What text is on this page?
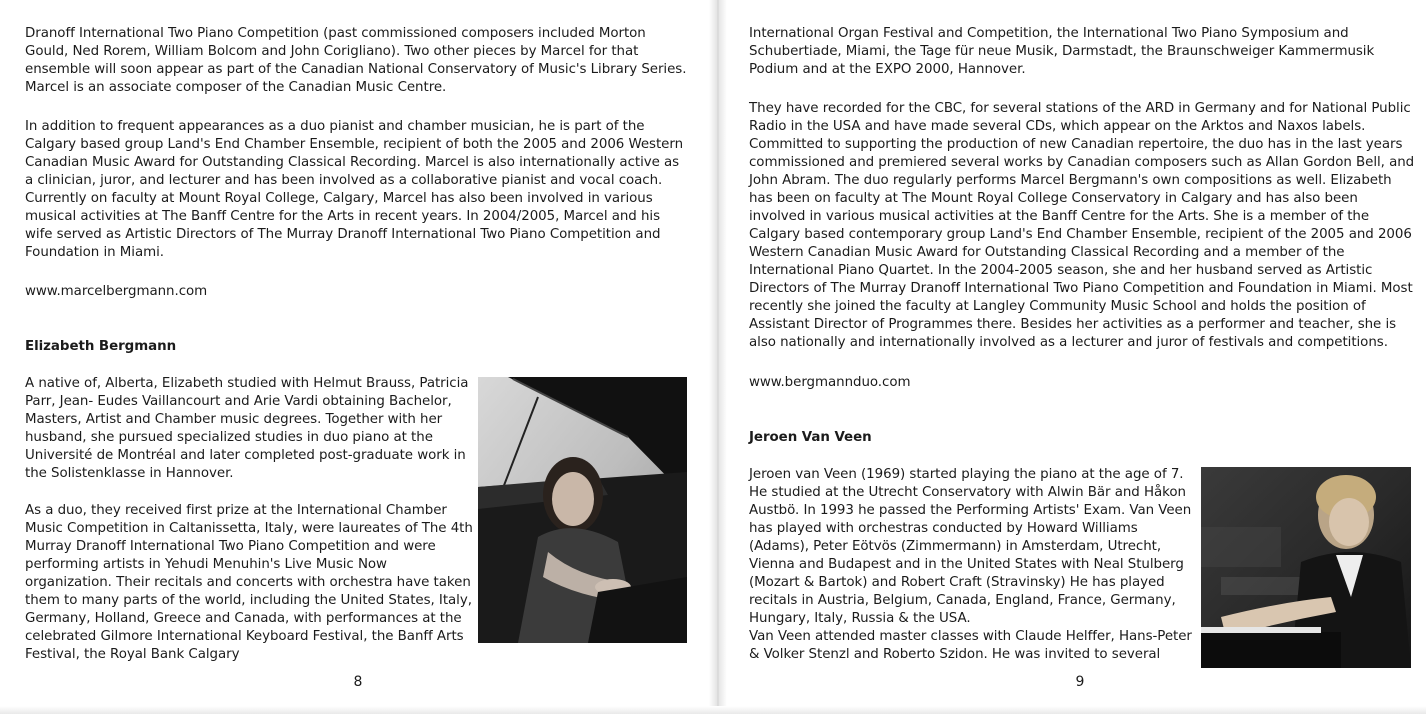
Dranoff International Two Piano Competition (past commissioned composers included Morton Gould, Ned Rorem, William Bolcom and John Corigliano). Two other pieces by Marcel for that ensemble will soon appear as part of the Canadian National Conservatory of Music's Library Series. Marcel is an associate composer of the Canadian Music Centre.

In addition to frequent appearances as a duo pianist and chamber musician, he is part of the Calgary based group Land's End Chamber Ensemble, recipient of both the 2005 and 2006 Western Canadian Music Award for Outstanding Classical Recording. Marcel is also internationally active as a clinician, juror, and lecturer and has been involved as a collaborative pianist and vocal coach. Currently on faculty at Mount Royal College, Calgary, Marcel has also been involved in various musical activities at The Banff Centre for the Arts in recent years. In 2004/2005, Marcel and his wife served as Artistic Directors of The Murray Dranoff International Two Piano Competition and Foundation in Miami.

www.marcelbergmann.com

Elizabeth Bergmann

A native of, Alberta, Elizabeth studied with Helmut Brauss, Patricia Parr, Jean- Eudes Vaillancourt and Arie Vardi obtaining Bachelor, Masters, Artist and Chamber music degrees. Together with her husband, she pursued specialized studies in duo piano at the Université de Montréal and later completed post-graduate work in the Solistenklasse in Hannover.

As a duo, they received first prize at the International Chamber Music Competition in Caltanissetta, Italy, were laureates of The 4th Murray Dranoff International Two Piano Competition and were performing artists in Yehudi Menuhin's Live Music Now organization. Their recitals and concerts with orchestra have taken them to many parts of the world, including the United States, Italy, Germany, Holland, Greece and Canada, with performances at the celebrated Gilmore International Keyboard Festival, the Banff Arts Festival, the Royal Bank Calgary

8

International Organ Festival and Competition, the International Two Piano Symposium and Schubertiade, Miami, the Tage für neue Musik, Darmstadt, the Braunschweiger Kammermusik Podium and at the EXPO 2000, Hannover.

They have recorded for the CBC, for several stations of the ARD in Germany and for National Public Radio in the USA and have made several CDs, which appear on the Arktos and Naxos labels. Committed to supporting the production of new Canadian repertoire, the duo has in the last years commissioned and premiered several works by Canadian composers such as Allan Gordon Bell, and John Abram. The duo regularly performs Marcel Bergmann's own compositions as well. Elizabeth has been on faculty at The Mount Royal College Conservatory in Calgary and has also been involved in various musical activities at the Banff Centre for the Arts. She is a member of the Calgary based contemporary group Land's End Chamber Ensemble, recipient of the 2005 and 2006 Western Canadian Music Award for Outstanding Classical Recording and a member of the International Piano Quartet. In the 2004-2005 season, she and her husband served as Artistic Directors of The Murray Dranoff International Two Piano Competition and Foundation in Miami. Most recently she joined the faculty at Langley Community Music School and holds the position of Assistant Director of Programmes there. Besides her activities as a performer and teacher, she is also nationally and internationally involved as a lecturer and juror of festivals and competitions.

www.bergmannduo.com

Jeroen Van Veen

Jeroen van Veen (1969) started playing the piano at the age of 7. He studied at the Utrecht Conservatory with Alwin Bär and Håkon Austbö. In 1993 he passed the Performing Artists' Exam. Van Veen has played with orchestras conducted by Howard Williams (Adams), Peter Eötvös (Zimmermann) in Amsterdam, Utrecht, Vienna and Budapest and in the United States with Neal Stulberg (Mozart & Bartok) and Robert Craft (Stravinsky) He has played recitals in Austria, Belgium, Canada, England, France, Germany, Hungary, Italy, Russia & the USA.

Van Veen attended master classes with Claude Helffer, Hans-Peter & Volker Stenzl and Roberto Szidon. He was invited to several

9
